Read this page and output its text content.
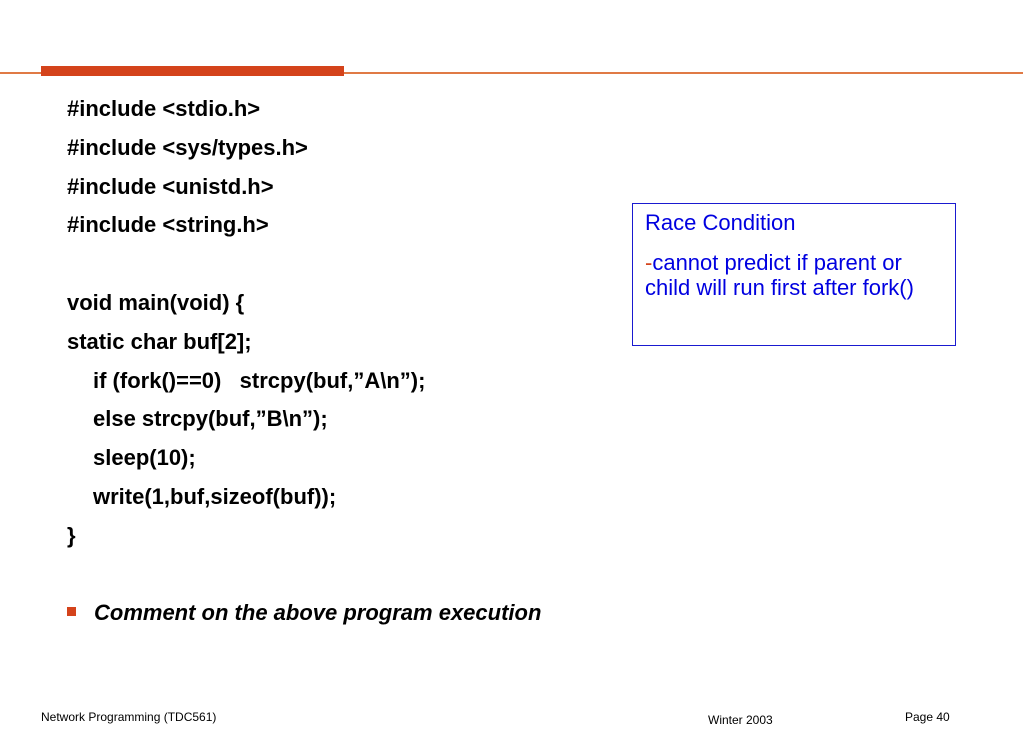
#include <stdio.h>
#include <sys/types.h>
#include <unistd.h>
#include <string.h>
void main(void) {
static char buf[2];
if (fork()==0)   strcpy(buf,”A\n”);
else strcpy(buf,”B\n”);
sleep(10);
write(1,buf,sizeof(buf));
}
Comment on the above program execution
Race Condition
-cannot predict if parent or child will run first after fork()
Network Programming (TDC561)	Winter 2003	Page 40
